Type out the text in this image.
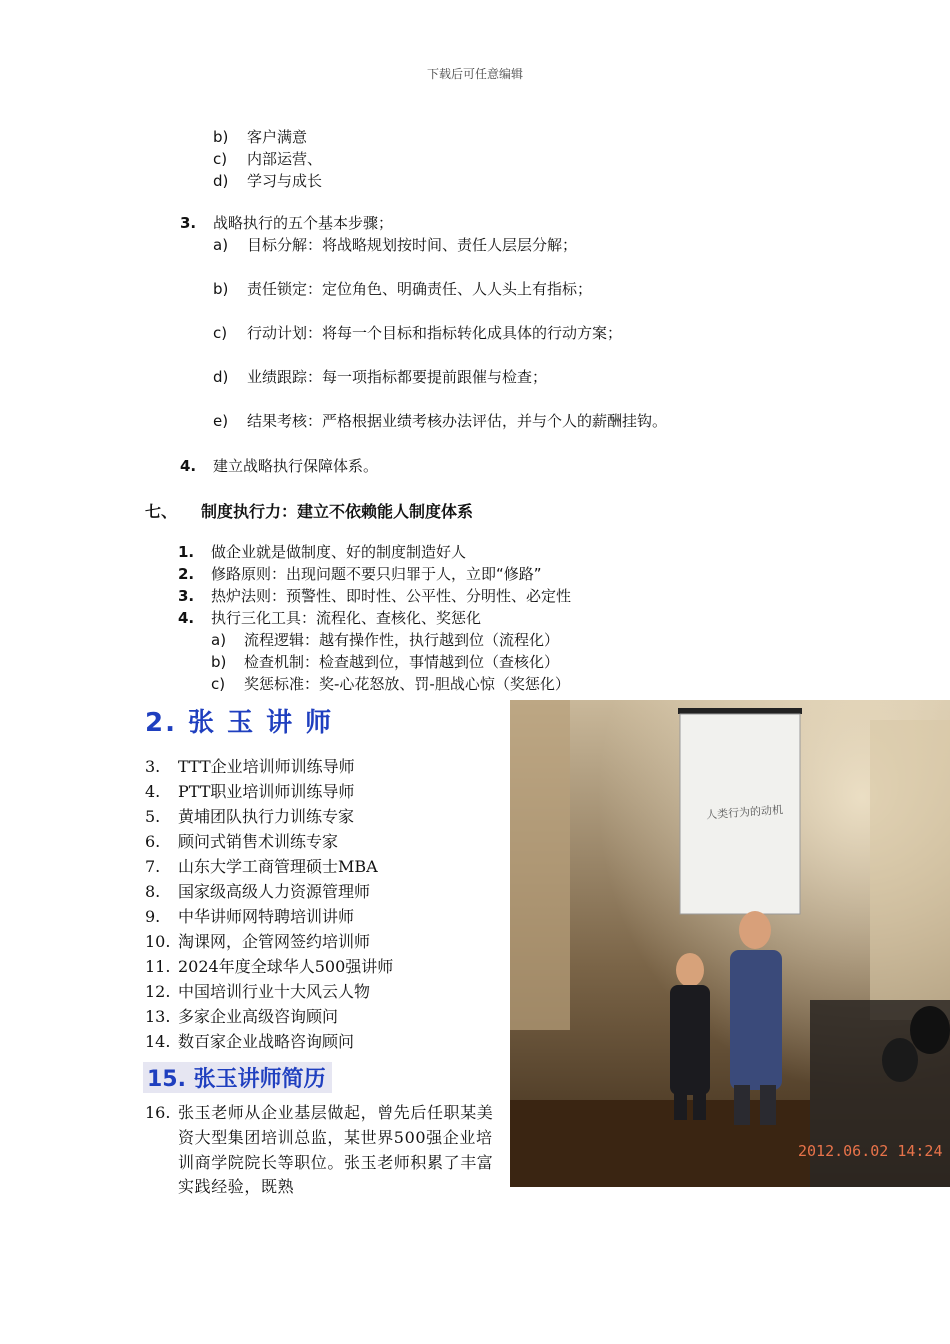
下载后可任意编辑
b) 客户满意
c) 内部运营、
d) 学习与成长
3. 战略执行的五个基本步骤；
a) 目标分解：将战略规划按时间、责任人层层分解；
b) 责任锁定：定位角色、明确责任、人人头上有指标；
c) 行动计划：将每一个目标和指标转化成具体的行动方案；
d) 业绩跟踪：每一项指标都要提前跟催与检查；
e) 结果考核：严格根据业绩考核办法评估，并与个人的薪酬挂钩。
4. 建立战略执行保障体系。
七、 制度执行力：建立不依赖能人制度体系
1. 做企业就是做制度、好的制度制造好人
2. 修路原则：出现问题不要只归罪于人，立即“修路”
3. 热炉法则：预警性、即时性、公平性、分明性、必定性
4. 执行三化工具：流程化、查核化、奖惩化
a) 流程逻辑：越有操作性，执行越到位（流程化）
b) 检查机制：检查越到位，事情越到位（查核化）
c) 奖惩标准：奖-心花怒放、罚-胆战心惊（奖惩化）
2. 张 玉 讲 师
3. TTT企业培训师训练导师
4. PTT职业培训师训练导师
5. 黄埔团队执行力训练专家
6. 顾问式销售术训练专家
7. 山东大学工商管理硕士MBA
8. 国家级高级人力资源管理师
9. 中华讲师网特聘培训讲师
10. 淘课网，企管网签约培训师
11. 2024年度全球华人500强讲师
12. 中国培训行业十大风云人物
13. 多家企业高级咨询顾问
14. 数百家企业战略咨询顾问
15. 张玉讲师简历
16. 张玉老师从企业基层做起，曾先后任职某美资大型集团培训总监，某世界500强企业培训商学院院长等职位。张玉老师积累了丰富实践经验，既熟
人类行为的动机
2012.06.02 14:24
